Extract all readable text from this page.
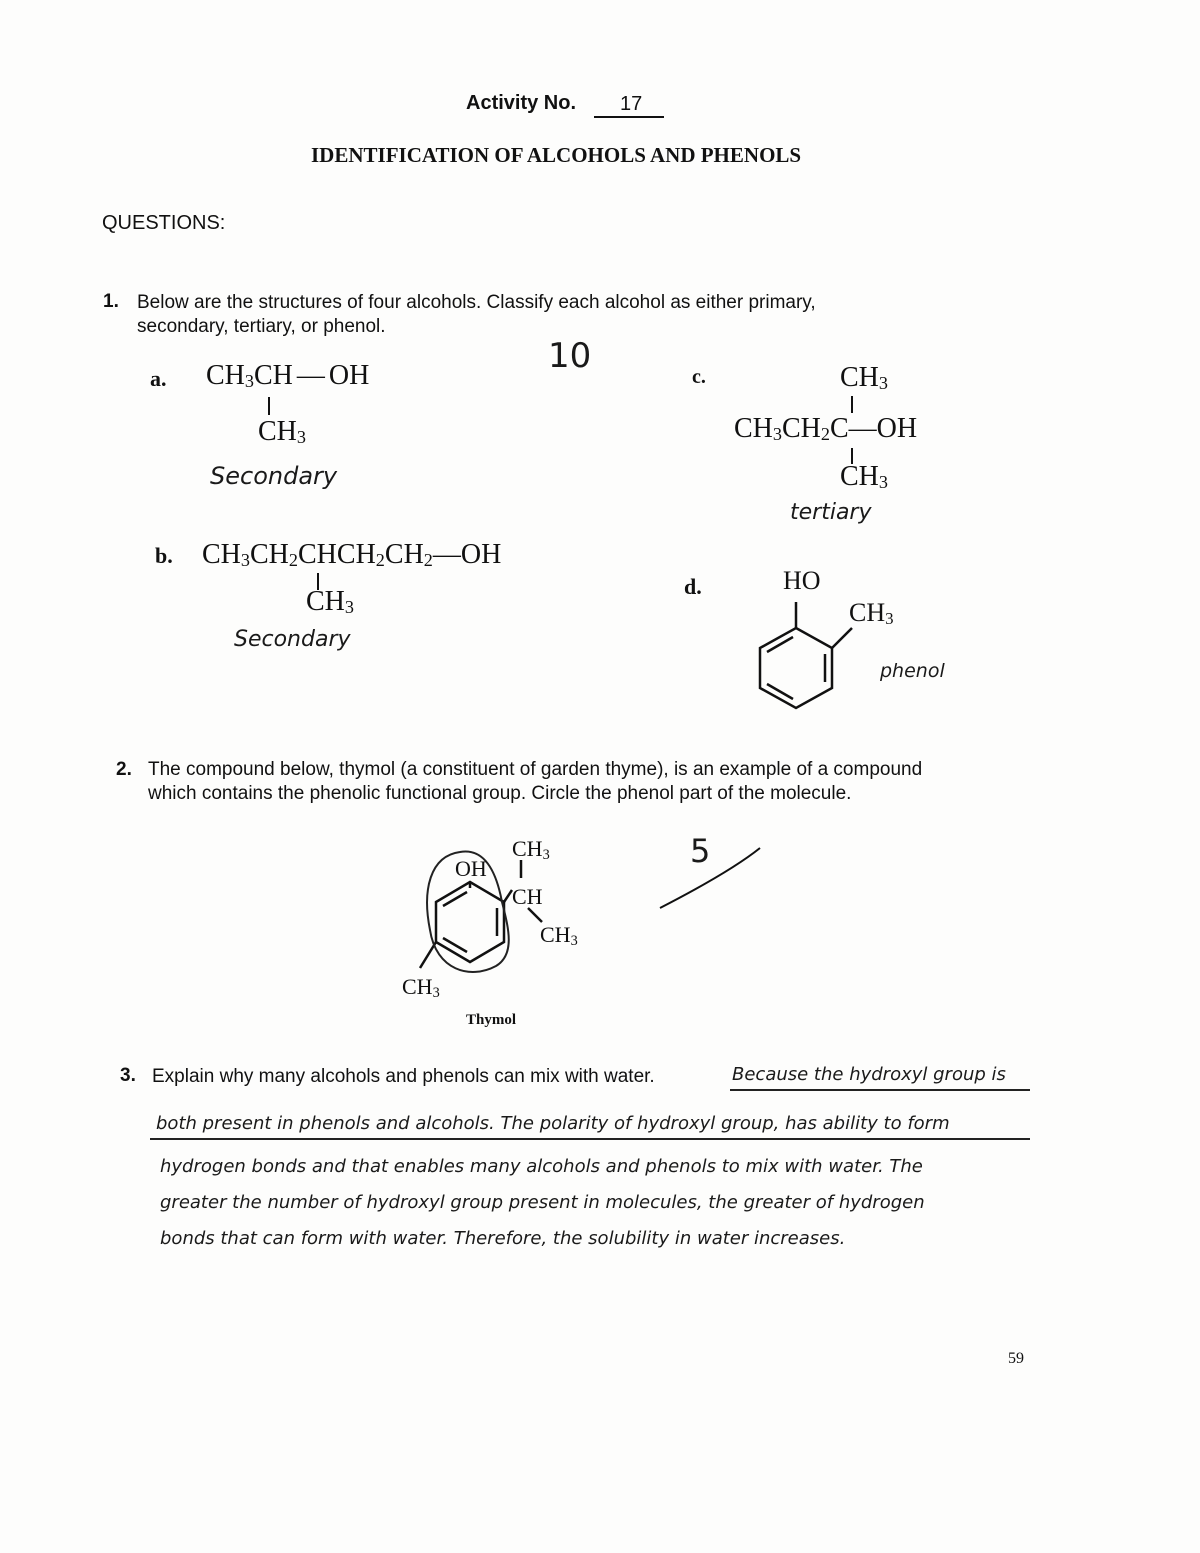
Activity No. 17
IDENTIFICATION OF ALCOHOLS AND PHENOLS
QUESTIONS:
1. Below are the structures of four alcohols. Classify each alcohol as either primary,
secondary, tertiary, or phenol.
10
a. $CH_3CH$ — OH
$CH_3$
Secondary
c.	$CH_3$
$CH_3CH_2C—OH$
$CH_3$
tertiary
b. $CH_3CH_2CHCH_2CH_2—OH$
$CH_3$
Secondary
d.	HO
$CH_3$
phenol
2. The compound below, thymol (a constituent of garden thyme), is an example of a compound
which contains the phenolic functional group. Circle the phenol part of the molecule.
OH
$CH_3$
CH
$CH_3$
$CH_3$
Thymol
5
3. Explain why many alcohols and phenols can mix with water.	Because the hydroxyl group is
both present in phenols and alcohols. The polarity of hydroxyl group, has ability to form
hydrogen bonds and that enables many alcohols and phenols to mix with water. The
greater the number of hydroxyl group present in molecules, the greater of hydrogen
bonds that can form with water. Therefore, the solubility in water increases.
59
